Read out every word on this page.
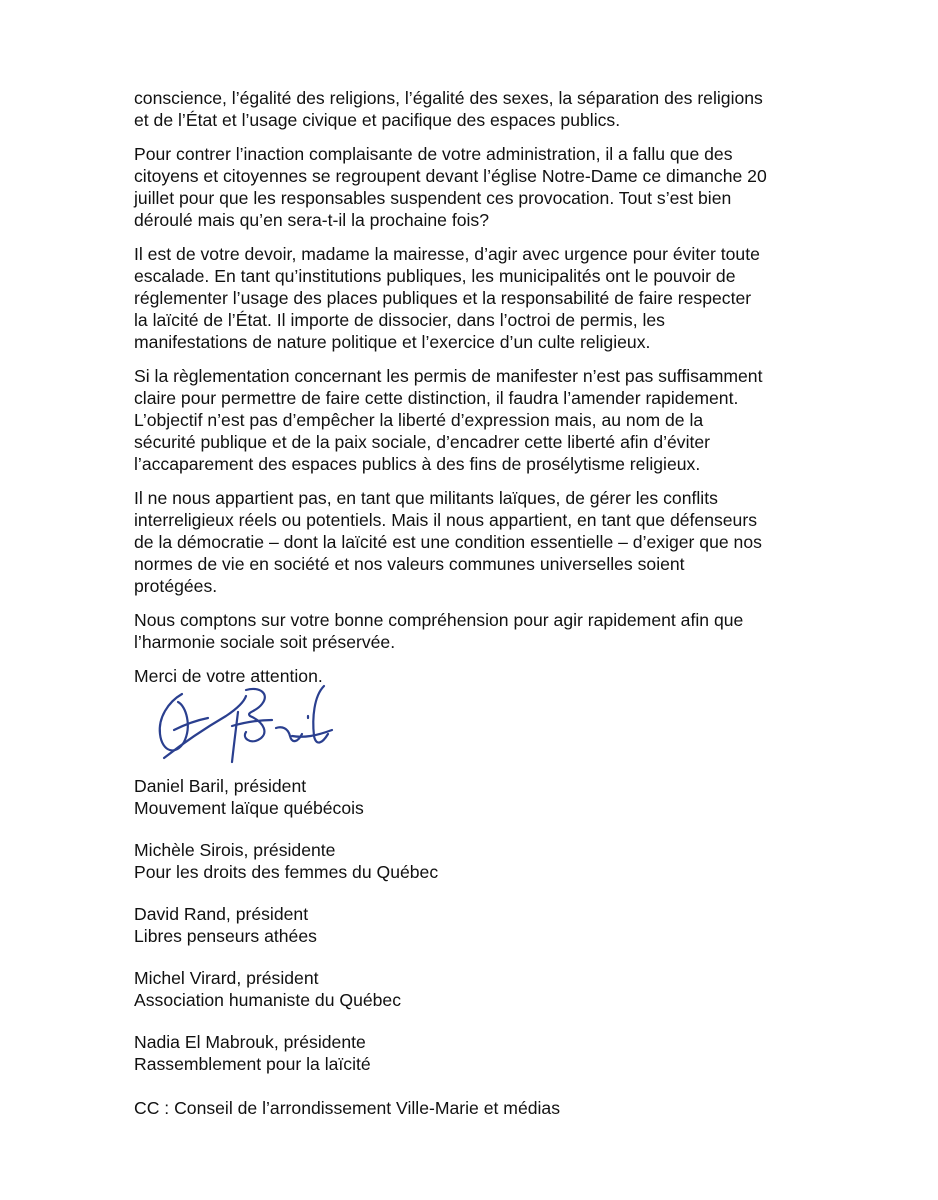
conscience, l’égalité des religions, l’égalité des sexes, la séparation des religions
et de l’État et l’usage civique et pacifique des espaces publics.

Pour contrer l’inaction complaisante de votre administration, il a fallu que des
citoyens et citoyennes se regroupent devant l’église Notre-Dame ce dimanche 20
juillet pour que les responsables suspendent ces provocation. Tout s’est bien
déroulé mais qu’en sera-t-il la prochaine fois?

Il est de votre devoir, madame la mairesse, d’agir avec urgence pour éviter toute
escalade. En tant qu’institutions publiques, les municipalités ont le pouvoir de
réglementer l’usage des places publiques et la responsabilité de faire respecter
la laïcité de l’État. Il importe de dissocier, dans l’octroi de permis, les
manifestations de nature politique et l’exercice d’un culte religieux.

Si la règlementation concernant les permis de manifester n’est pas suffisamment
claire pour permettre de faire cette distinction, il faudra l’amender rapidement.
L’objectif n’est pas d’empêcher la liberté d’expression mais, au nom de la
sécurité publique et de la paix sociale, d’encadrer cette liberté afin d’éviter
l’accaparement des espaces publics à des fins de prosélytisme religieux.

Il ne nous appartient pas, en tant que militants laïques, de gérer les conflits
interreligieux réels ou potentiels. Mais il nous appartient, en tant que défenseurs
de la démocratie – dont la laïcité est une condition essentielle – d’exiger que nos
normes de vie en société et nos valeurs communes universelles soient
protégées.

Nous comptons sur votre bonne compréhension pour agir rapidement afin que
l’harmonie sociale soit préservée.

Merci de votre attention.

Daniel Baril, président
Mouvement laïque québécois
Michèle Sirois, présidente
Pour les droits des femmes du Québec
David Rand, président
Libres penseurs athées
Michel Virard, président
Association humaniste du Québec
Nadia El Mabrouk, présidente
Rassemblement pour la laïcité
CC : Conseil de l’arrondissement Ville-Marie et médias
